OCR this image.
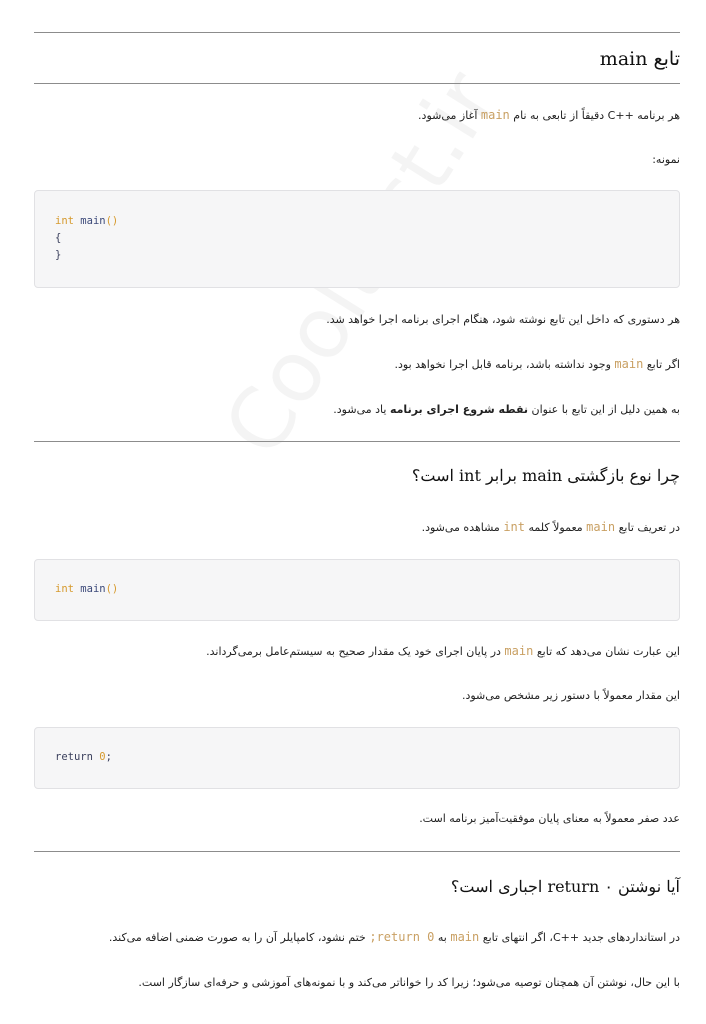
تابع main

هر برنامه ++C دقیقاً از تابعی به نام main آغاز می‌شود.

نمونه:

int main()
{
}

هر دستوری که داخل این تابع نوشته شود، هنگام اجرای برنامه اجرا خواهد شد.

اگر تابع main وجود نداشته باشد، برنامه قابل اجرا نخواهد بود.

به همین دلیل از این تابع با عنوان نقطه شروع اجرای برنامه یاد می‌شود.

چرا نوع بازگشتی main برابر int است؟

در تعریف تابع main معمولاً کلمه int مشاهده می‌شود.

int main()

این عبارت نشان می‌دهد که تابع main در پایان اجرای خود یک مقدار صحیح به سیستم‌عامل برمی‌گرداند.

این مقدار معمولاً با دستور زیر مشخص می‌شود.

return 0;

عدد صفر معمولاً به معنای پایان موفقیت‌آمیز برنامه است.

آیا نوشتن return ۰ اجباری است؟

در استانداردهای جدید ++C، اگر انتهای تابع main به return 0; ختم نشود، کامپایلر آن را به صورت ضمنی اضافه می‌کند.

با این حال، نوشتن آن همچنان توصیه می‌شود؛ زیرا کد را خواناتر می‌کند و با نمونه‌های آموزشی و حرفه‌ای سازگار است.
